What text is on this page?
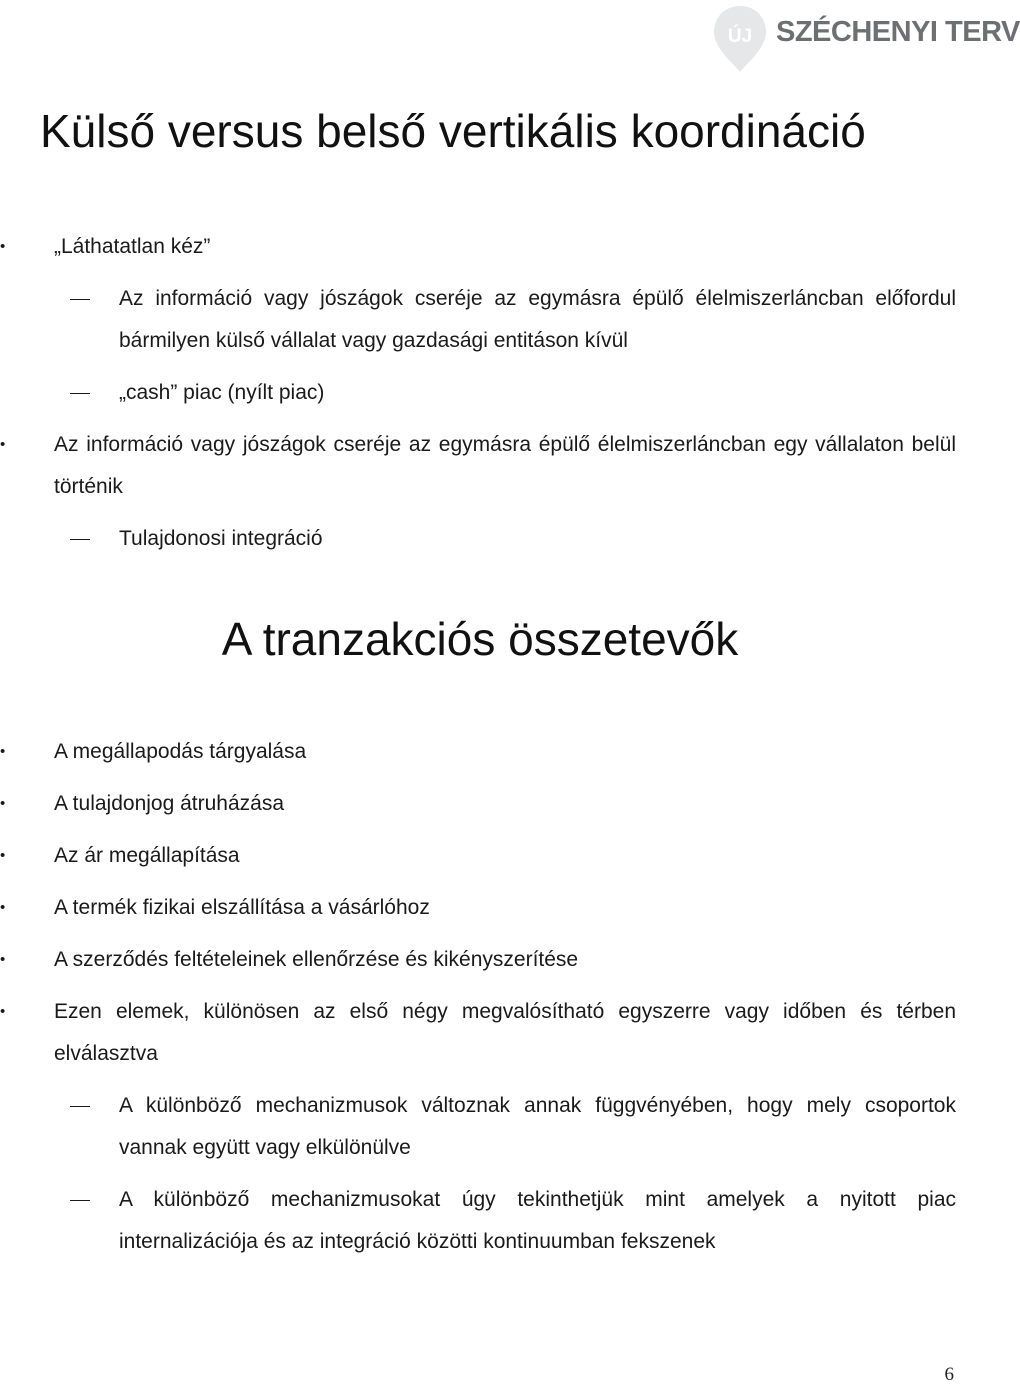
ÚJ SZÉCHENYI TERV
Külső versus belső vertikális koordináció
• „Láthatatlan kéz”
Az információ vagy jószágok cseréje az egymásra épülő élelmiszerláncban előfordul bármilyen külső vállalat vagy gazdasági entitáson kívül
„cash” piac (nyílt piac)
• Az információ vagy jószágok cseréje az egymásra épülő élelmiszerláncban egy vállalaton belül történik
Tulajdonosi integráció
A tranzakciós összetevők
• A megállapodás tárgyalása
• A tulajdonjog átruházása
• Az ár megállapítása
• A termék fizikai elszállítása a vásárlóhoz
• A szerződés feltételeinek ellenőrzése és kikényszerítése
• Ezen elemek, különösen az első négy megvalósítható egyszerre vagy időben és térben elválasztva
A különböző mechanizmusok változnak annak függvényében, hogy mely csoportok vannak együtt vagy elkülönülve
A különböző mechanizmusokat úgy tekinthetjük mint amelyek a nyitott piac internalizációja és az integráció közötti kontinuumban fekszenek
6
